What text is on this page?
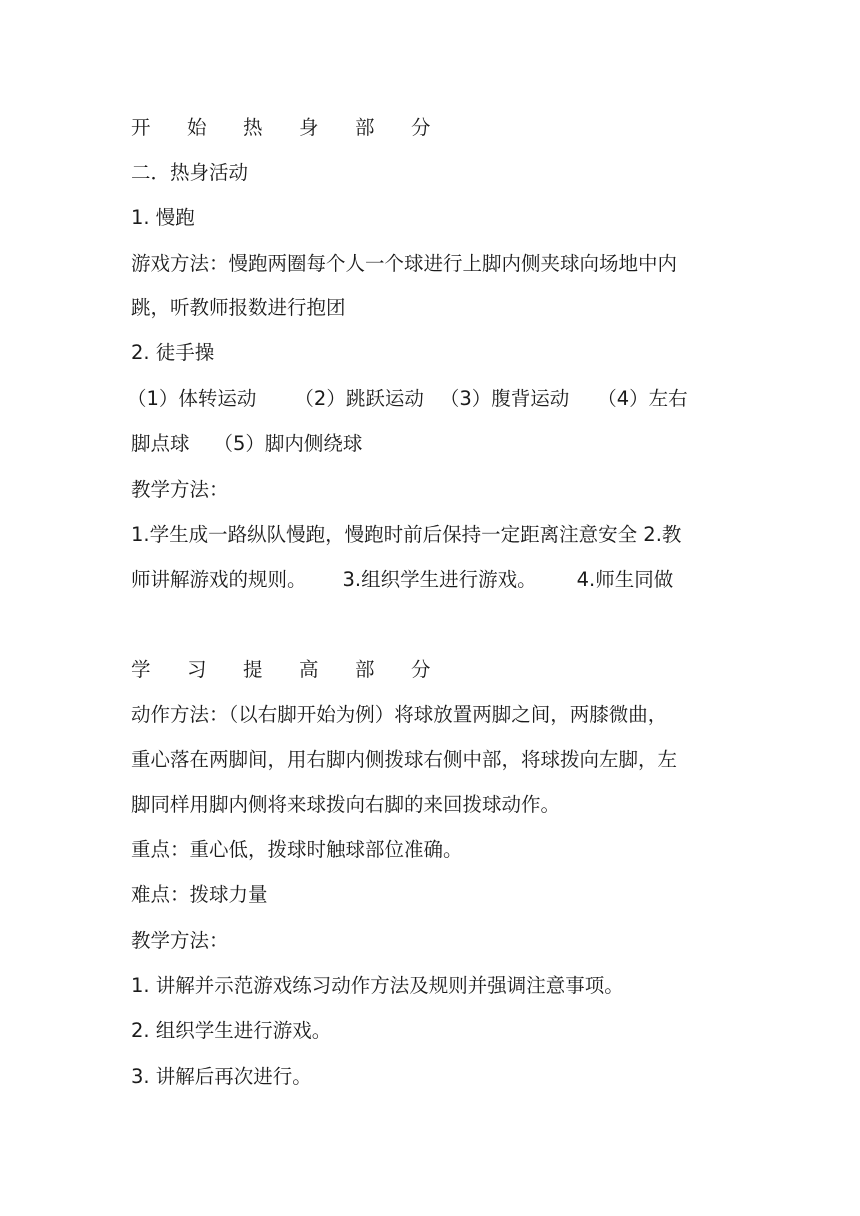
开 始 热 身 部 分
二．热身活动
1. 慢跑
游戏方法：慢跑两圈每个人一个球进行上脚内侧夹球向场地中内
跳，听教师报数进行抱团
2. 徒手操
（1）体转运动 （2）跳跃运动 （3）腹背运动 （4）左右
脚点球 （5）脚内侧绕球
教学方法：
1.学生成一路纵队慢跑，慢跑时前后保持一定距离注意安全 2.教
师讲解游戏的规则。 3.组织学生进行游戏。 4.师生同做
学 习 提 高 部 分
动作方法：（以右脚开始为例）将球放置两脚之间，两膝微曲，
重心落在两脚间，用右脚内侧拨球右侧中部，将球拨向左脚，左
脚同样用脚内侧将来球拨向右脚的来回拨球动作。
重点：重心低，拨球时触球部位准确。
难点：拨球力量
教学方法：
1. 讲解并示范游戏练习动作方法及规则并强调注意事项。
2. 组织学生进行游戏。
3. 讲解后再次进行。
